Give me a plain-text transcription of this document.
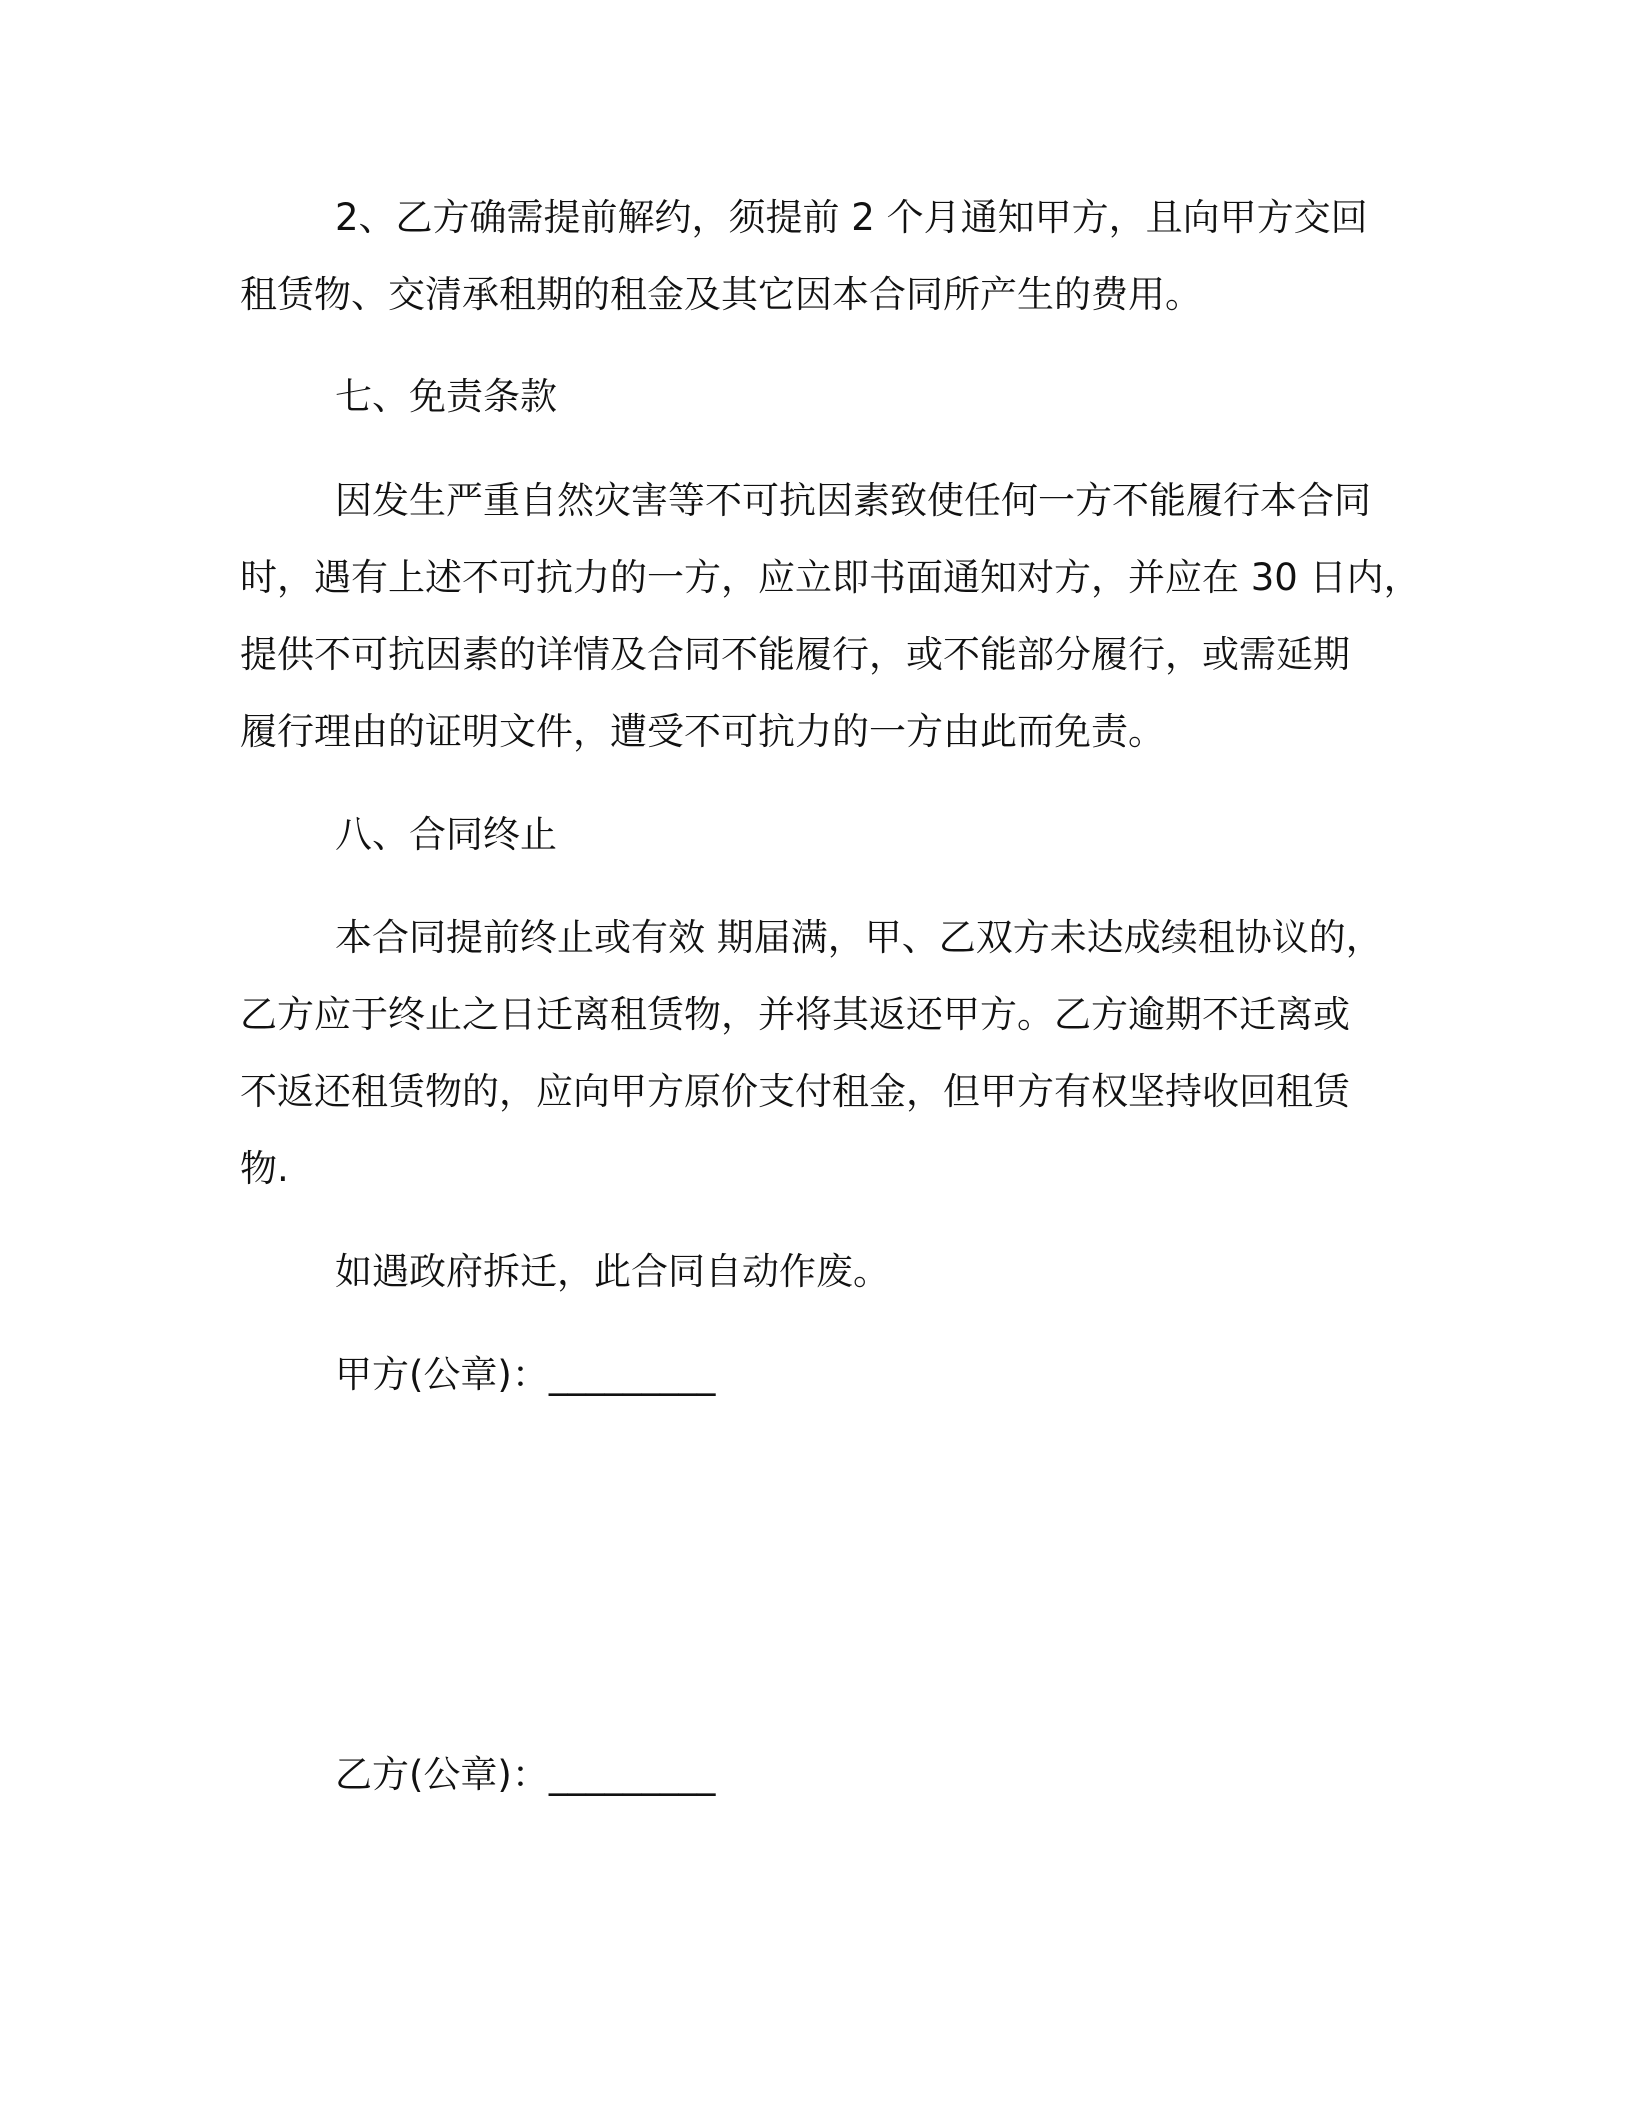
2、乙方确需提前解约，须提前 2 个月通知甲方，且向甲方交回
租赁物、交清承租期的租金及其它因本合同所产生的费用。
七、免责条款
因发生严重自然灾害等不可抗因素致使任何一方不能履行本合同
时，遇有上述不可抗力的一方，应立即书面通知对方，并应在 30 日内，
提供不可抗因素的详情及合同不能履行，或不能部分履行，或需延期
履行理由的证明文件，遭受不可抗力的一方由此而免责。
八、合同终止
本合同提前终止或有效 期届满，甲、乙双方未达成续租协议的，
乙方应于终止之日迁离租赁物，并将其返还甲方。乙方逾期不迁离或
不返还租赁物的，应向甲方原价支付租金，但甲方有权坚持收回租赁
物.
如遇政府拆迁，此合同自动作废。
甲方(公章)：_________
乙方(公章)：_________
